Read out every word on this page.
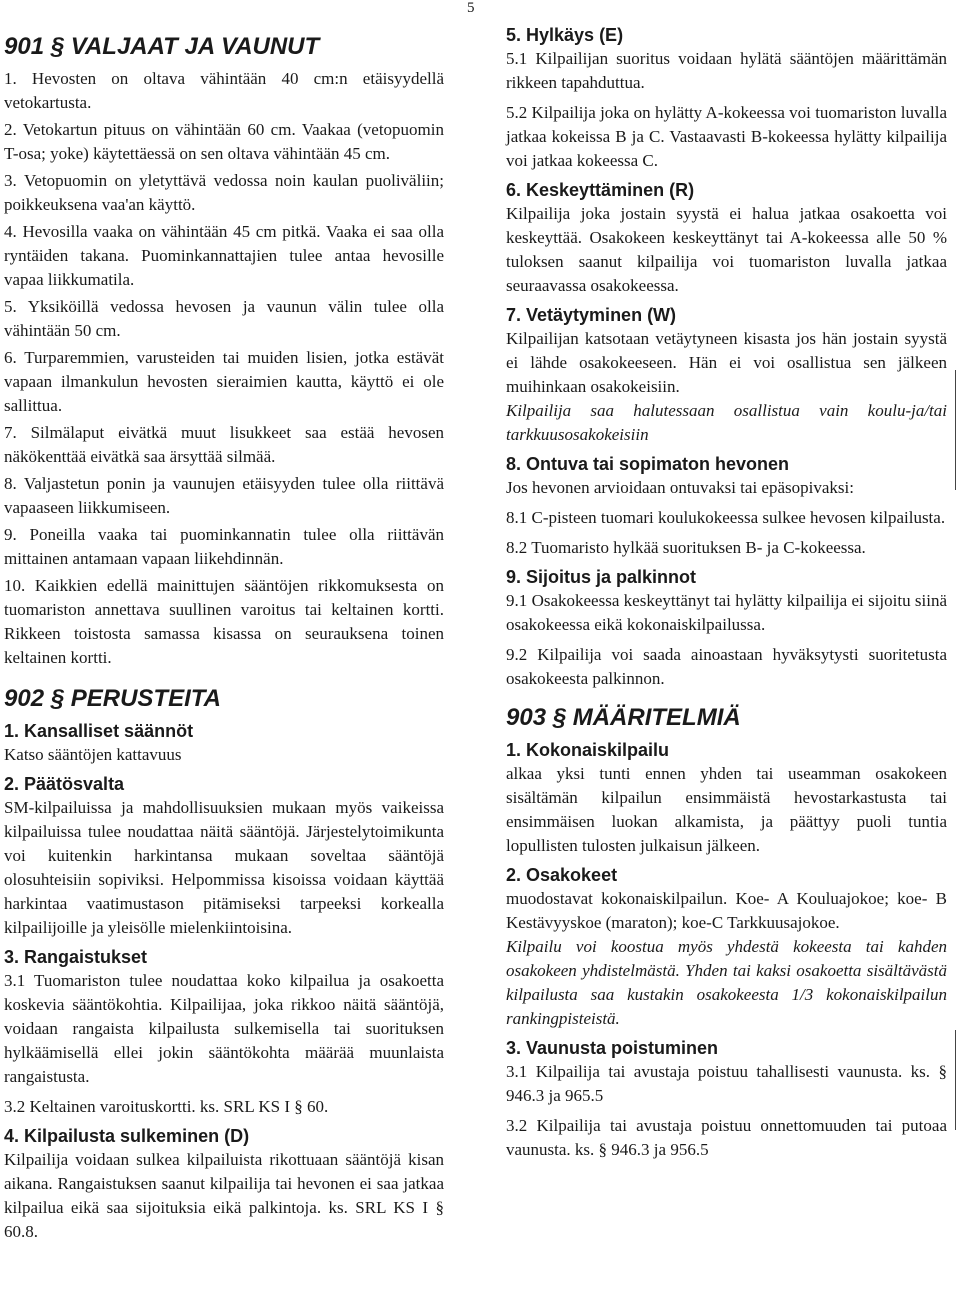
5
901 § VALJAAT JA VAUNUT

1. Hevosten on oltava vähintään 40 cm:n etäisyydellä vetokartusta.

2. Vetokartun pituus on vähintään 60 cm. Vaakaa (vetopuomin T-osa; yoke) käytettäessä on sen oltava vähintään 45 cm.

3. Vetopuomin on yletyttävä vedossa noin kaulan puoliväliin; poikkeuksena vaa'an käyttö.

4. Hevosilla vaaka on vähintään 45 cm pitkä. Vaaka ei saa olla ryntäiden takana. Puominkannattajien tulee antaa hevosille vapaa liikkumatila.

5. Yksiköillä vedossa hevosen ja vaunun välin tulee olla vähintään 50 cm.

6. Turparemmien, varusteiden tai muiden lisien, jotka estävät vapaan ilmankulun hevosten sieraimien kautta, käyttö ei ole sallittua.

7. Silmälaput eivätkä muut lisukkeet saa estää hevosen näkökenttää eivätkä saa ärsyttää silmää.

8. Valjastetun ponin ja vaunujen etäisyyden tulee olla riittävä vapaaseen liikkumiseen.

9. Poneilla vaaka tai puominkannatin tulee olla riittävän mittainen antamaan vapaan liikehdinnän.

10. Kaikkien edellä mainittujen sääntöjen rikkomuksesta on tuomariston annettava suullinen varoitus tai keltainen kortti. Rikkeen toistosta samassa kisassa on seurauksena toinen keltainen kortti.

902 § PERUSTEITA
1. Kansalliset säännöt

Katso sääntöjen kattavuus

2. Päätösvalta

SM-kilpailuissa ja mahdollisuuksien mukaan myös vaikeissa kilpailuissa tulee noudattaa näitä sääntöjä. Järjestelytoimikunta voi kuitenkin harkintansa mukaan soveltaa sääntöjä olosuhteisiin sopiviksi. Helpommissa kisoissa voidaan käyttää harkintaa vaatimustason pitämiseksi tarpeeksi korkealla kilpailijoille ja yleisölle mielenkiintoisina.

3. Rangaistukset

3.1 Tuomariston tulee noudattaa koko kilpailua ja osakoetta koskevia sääntökohtia. Kilpailijaa, joka rikkoo näitä sääntöjä, voidaan rangaista kilpailusta sulkemisella tai suorituksen hylkäämisellä ellei jokin sääntökohta määrää muunlaista rangaistusta.

3.2 Keltainen varoituskortti. ks. SRL KS I § 60.

4. Kilpailusta sulkeminen (D)

Kilpailija voidaan sulkea kilpailuista rikottuaan sääntöjä kisan aikana. Rangaistuksen saanut kilpailija tai hevonen ei saa jatkaa kilpailua eikä saa sijoituksia eikä palkintoja. ks. SRL KS I § 60.8.

5. Hylkäys (E)

5.1 Kilpailijan suoritus voidaan hylätä sääntöjen määrittämän rikkeen tapahduttua.

5.2 Kilpailija joka on hylätty A-kokeessa voi tuomariston luvalla jatkaa kokeissa B ja C. Vastaavasti B-kokeessa hylätty kilpailija voi jatkaa kokeessa C.

6. Keskeyttäminen (R)

Kilpailija joka jostain syystä ei halua jatkaa osakoetta voi keskeyttää. Osakokeen keskeyttänyt tai A-kokeessa alle 50 % tuloksen saanut kilpailija voi tuomariston luvalla jatkaa seuraavassa osakokeessa.

7. Vetäytyminen (W)

Kilpailijan katsotaan vetäytyneen kisasta jos hän jostain syystä ei lähde osakokeeseen. Hän ei voi osallistua sen jälkeen muihinkaan osakokeisiin.

Kilpailija saa halutessaan osallistua vain koulu-ja/tai tarkkuusosakokeisiin

8. Ontuva tai sopimaton hevonen

Jos hevonen arvioidaan ontuvaksi tai epäsopivaksi:

8.1 C-pisteen tuomari koulukokeessa sulkee hevosen kilpailusta.

8.2 Tuomaristo hylkää suorituksen B- ja C-kokeessa.

9. Sijoitus ja palkinnot

9.1 Osakokeessa keskeyttänyt tai hylätty kilpailija ei sijoitu siinä osakokeessa eikä kokonaiskilpailussa.

9.2 Kilpailija voi saada ainoastaan hyväksytysti suoritetusta osakokeesta palkinnon.

903 § MÄÄRITELMIÄ
1. Kokonaiskilpailu

alkaa yksi tunti ennen yhden tai useamman osakokeen sisältämän kilpailun ensimmäistä hevostarkastusta tai ensimmäisen luokan alkamista, ja päättyy puoli tuntia lopullisten tulosten julkaisun jälkeen.

2. Osakokeet

muodostavat kokonaiskilpailun. Koe- A Kouluajokoe; koe- B Kestävyyskoe (maraton); koe-C Tarkkuusajokoe.

Kilpailu voi koostua myös yhdestä kokeesta tai kahden osakokeen yhdistelmästä. Yhden tai kaksi osakoetta sisältävästä kilpailusta saa kustakin osakokeesta 1/3 kokonaiskilpailun rankingpisteistä.

3. Vaunusta poistuminen

3.1 Kilpailija tai avustaja poistuu tahallisesti vaunusta. ks. § 946.3 ja 965.5

3.2 Kilpailija tai avustaja poistuu onnettomuuden tai putoaa vaunusta. ks. § 946.3 ja 956.5
